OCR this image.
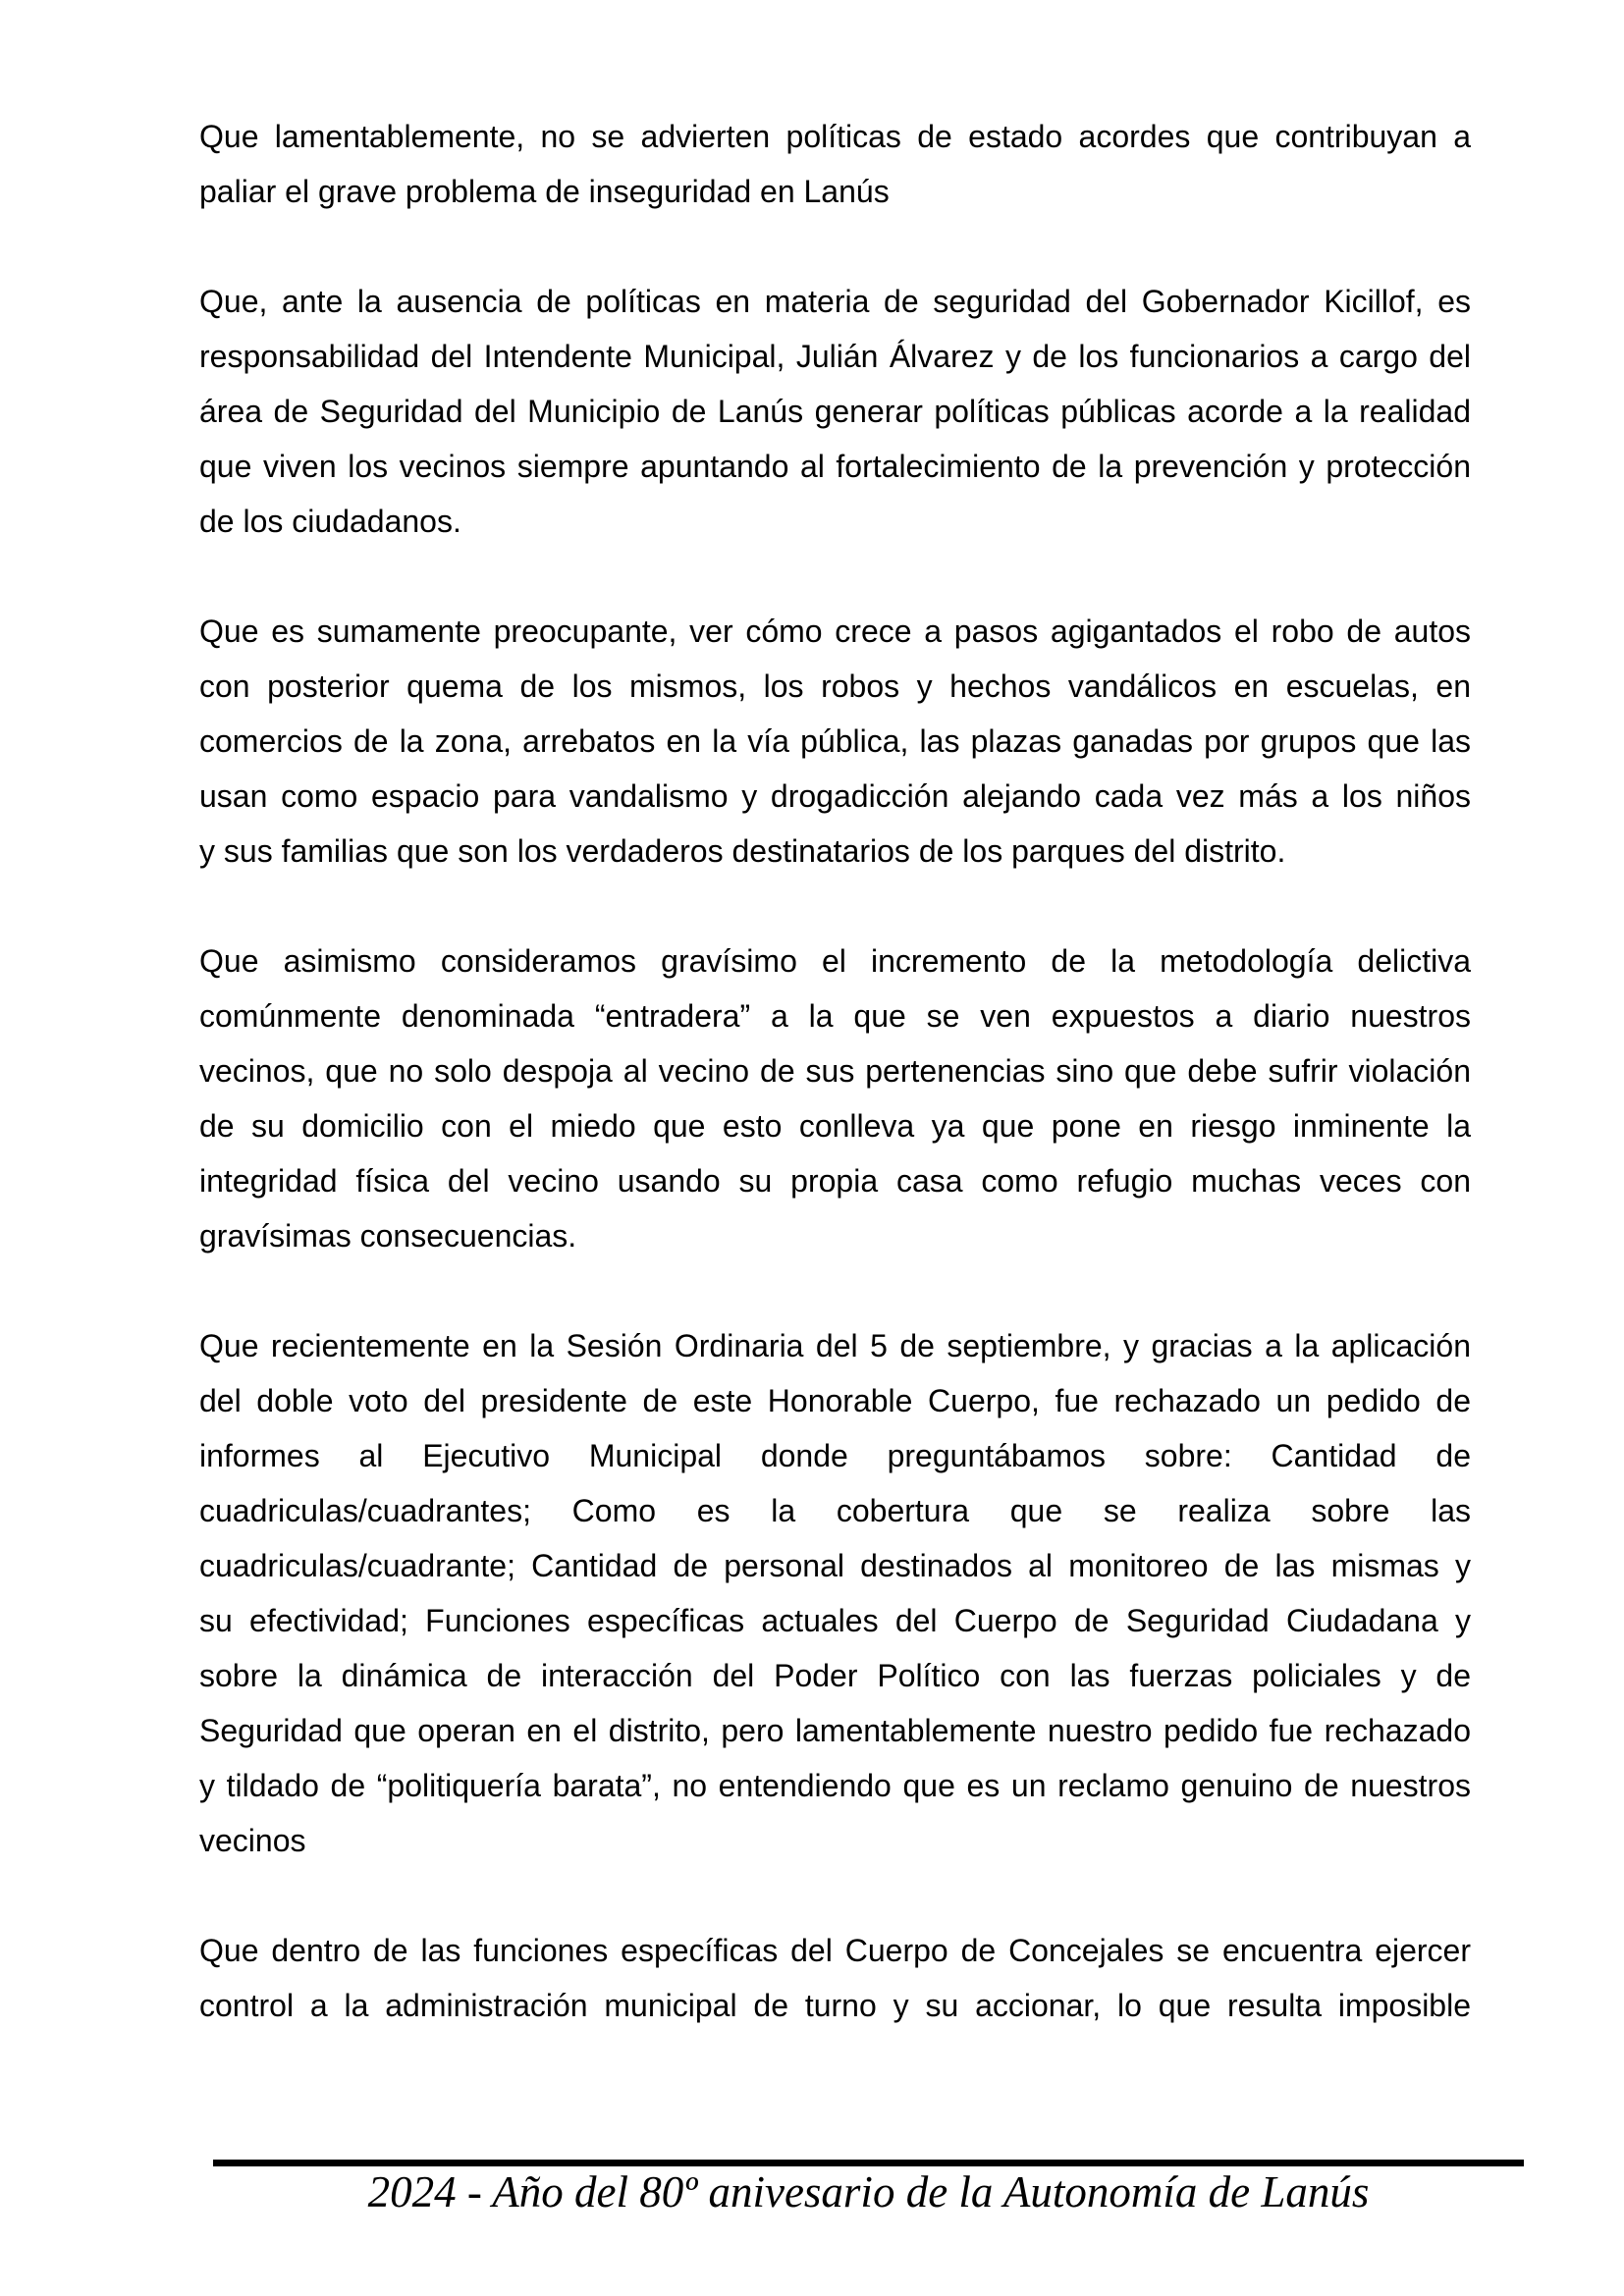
Que lamentablemente, no se advierten políticas de estado acordes que contribuyan a
paliar el grave problema de inseguridad en Lanús
Que, ante la ausencia de políticas en materia de seguridad del Gobernador Kicillof, es
responsabilidad del Intendente Municipal, Julián Álvarez y de los funcionarios a cargo del
área de Seguridad del Municipio de Lanús generar políticas públicas acorde a la realidad
que viven los vecinos siempre apuntando al fortalecimiento de la prevención y protección
de los ciudadanos.
Que es sumamente preocupante, ver cómo crece a pasos agigantados el robo de autos
con posterior quema de los mismos, los robos y hechos vandálicos en escuelas, en
comercios de la zona, arrebatos en la vía pública, las plazas ganadas por grupos que las
usan como espacio para vandalismo y drogadicción alejando cada vez más a los niños
y sus familias que son los verdaderos destinatarios de los parques del distrito.
Que asimismo consideramos gravísimo el incremento de la metodología delictiva
comúnmente denominada “entradera” a la que se ven expuestos a diario nuestros
vecinos, que no solo despoja al vecino de sus pertenencias sino que debe sufrir violación
de su domicilio con el miedo que esto conlleva ya que pone en riesgo inminente la
integridad física del vecino usando su propia casa como refugio muchas veces con
gravísimas consecuencias.
Que recientemente en la Sesión Ordinaria del 5 de septiembre, y gracias a la aplicación
del doble voto del presidente de este Honorable Cuerpo, fue rechazado un pedido de
informes al Ejecutivo Municipal donde preguntábamos sobre: Cantidad de
cuadriculas/cuadrantes; Como es la cobertura que se realiza sobre las
cuadriculas/cuadrante; Cantidad de personal destinados al monitoreo de las mismas y
su efectividad; Funciones específicas actuales del Cuerpo de Seguridad Ciudadana y
sobre la dinámica de interacción del Poder Político con las fuerzas policiales y de
Seguridad que operan en el distrito, pero lamentablemente nuestro pedido fue rechazado
y tildado de “politiquería barata”, no entendiendo que es un reclamo genuino de nuestros
vecinos
Que dentro de las funciones específicas del Cuerpo de Concejales se encuentra ejercer
control a la administración municipal de turno y su accionar, lo que resulta imposible
2024 - Año del 80º anivesario de la Autonomía de Lanús
